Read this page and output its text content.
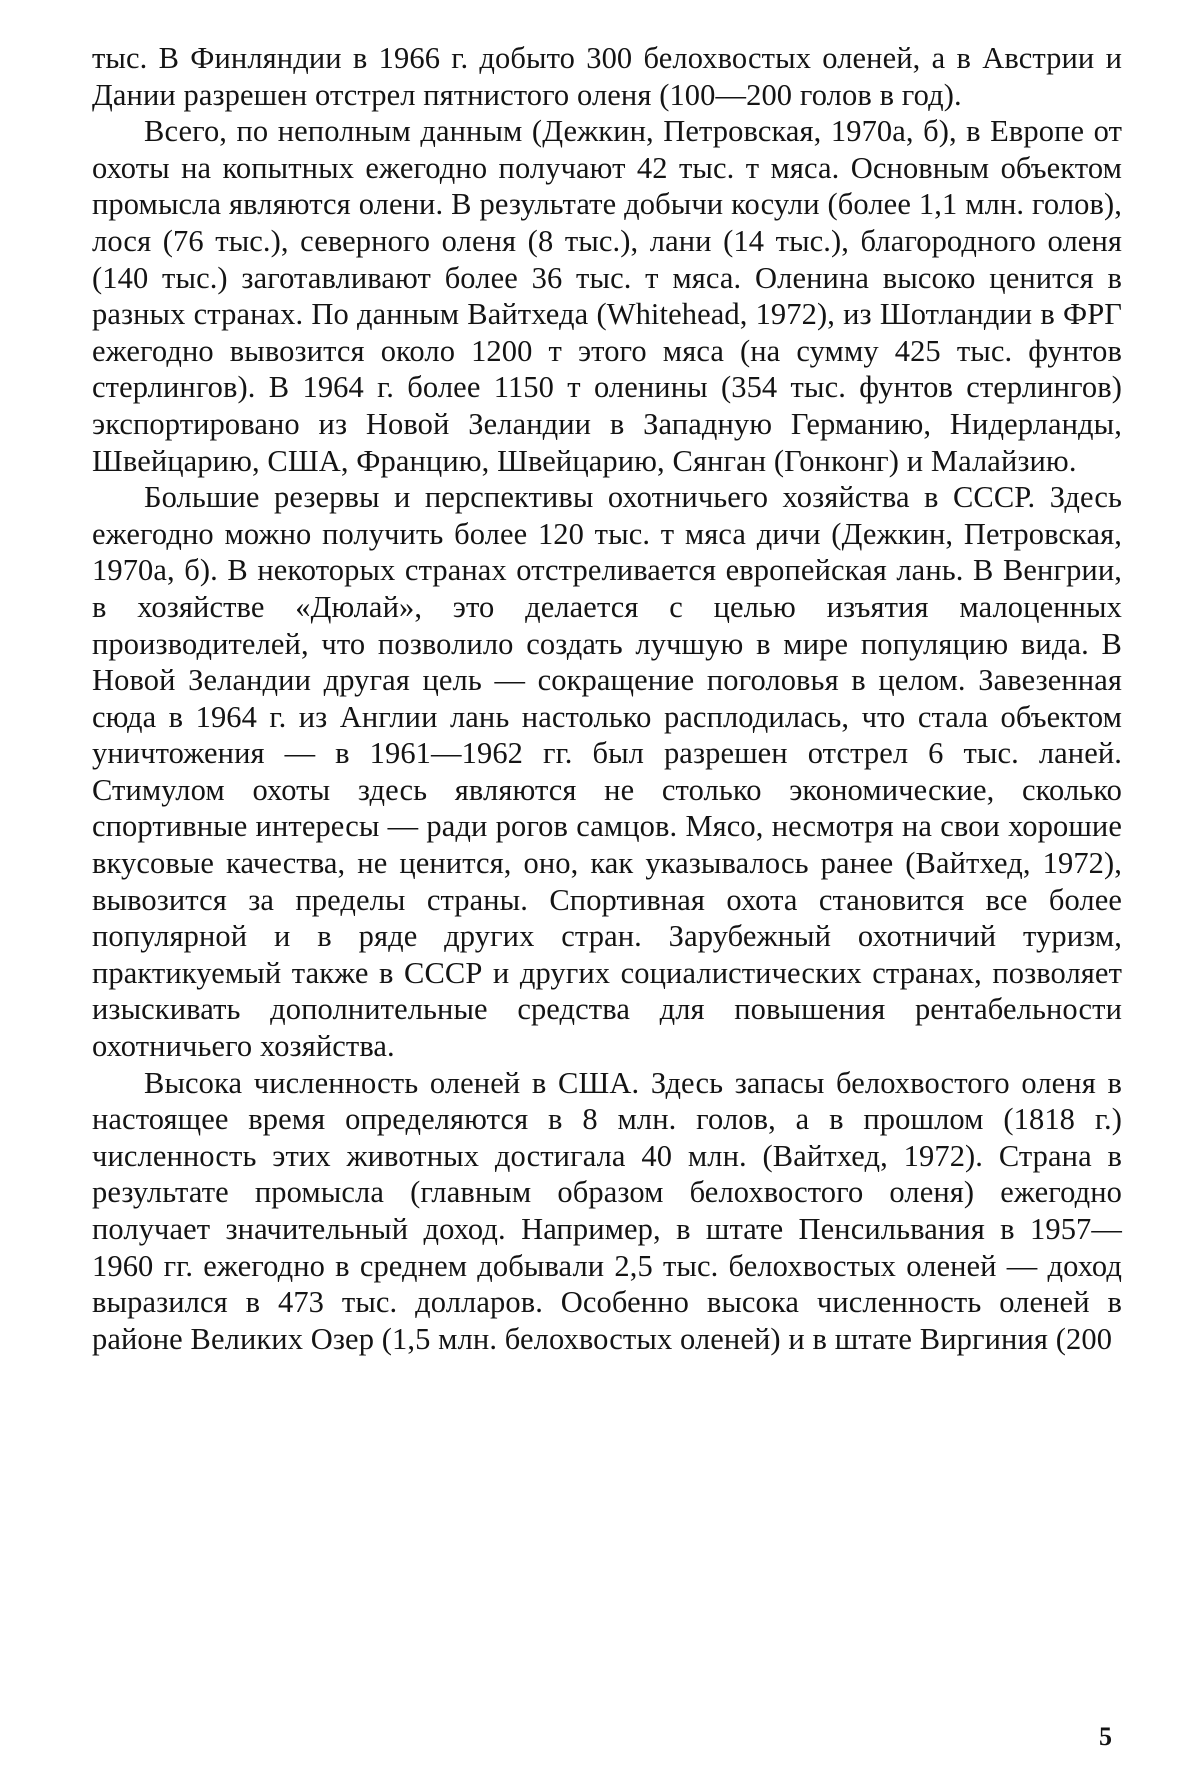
тыс. В Финляндии в 1966 г. добыто 300 белохвостых оленей, а в Австрии и Дании разрешен отстрел пятнистого оленя (100—200 голов в год).

Всего, по неполным данным (Дежкин, Петровская, 1970а, б), в Европе от охоты на копытных ежегодно получают 42 тыс. т мяса. Основным объектом промысла являются олени. В результате добычи косули (более 1,1 млн. голов), лося (76 тыс.), северного оленя (8 тыс.), лани (14 тыс.), благородного оленя (140 тыс.) заготавливают более 36 тыс. т мяса. Оленина высоко ценится в разных странах. По данным Вайтхеда (Whitehead, 1972), из Шотландии в ФРГ ежегодно вывозится около 1200 т этого мяса (на сумму 425 тыс. фунтов стерлингов). В 1964 г. более 1150 т оленины (354 тыс. фунтов стерлингов) экспортировано из Новой Зеландии в Западную Германию, Нидерланды, Швейцарию, США, Францию, Швейцарию, Сянган (Гонконг) и Малайзию.

Большие резервы и перспективы охотничьего хозяйства в СССР. Здесь ежегодно можно получить более 120 тыс. т мяса дичи (Дежкин, Петровская, 1970а, б). В некоторых странах отстреливается европейская лань. В Венгрии, в хозяйстве «Дюлай», это делается с целью изъятия малоценных производителей, что позволило создать лучшую в мире популяцию вида. В Новой Зеландии другая цель — сокращение поголовья в целом. Завезенная сюда в 1964 г. из Англии лань настолько расплодилась, что стала объектом уничтожения — в 1961—1962 гг. был разрешен отстрел 6 тыс. ланей. Стимулом охоты здесь являются не столько экономические, сколько спортивные интересы — ради рогов самцов. Мясо, несмотря на свои хорошие вкусовые качества, не ценится, оно, как указывалось ранее (Вайтхед, 1972), вывозится за пределы страны. Спортивная охота становится все более популярной и в ряде других стран. Зарубежный охотничий туризм, практикуемый также в СССР и других социалистических странах, позволяет изыскивать дополнительные средства для повышения рентабельности охотничьего хозяйства.

Высока численность оленей в США. Здесь запасы белохвостого оленя в настоящее время определяются в 8 млн. голов, а в прошлом (1818 г.) численность этих животных достигала 40 млн. (Вайтхед, 1972). Страна в результате промысла (главным образом белохвостого оленя) ежегодно получает значительный доход. Например, в штате Пенсильвания в 1957—1960 гг. ежегодно в среднем добывали 2,5 тыс. белохвостых оленей — доход выразился в 473 тыс. долларов. Особенно высока численность оленей в районе Великих Озер (1,5 млн. белохвостых оленей) и в штате Виргиния (200

5
